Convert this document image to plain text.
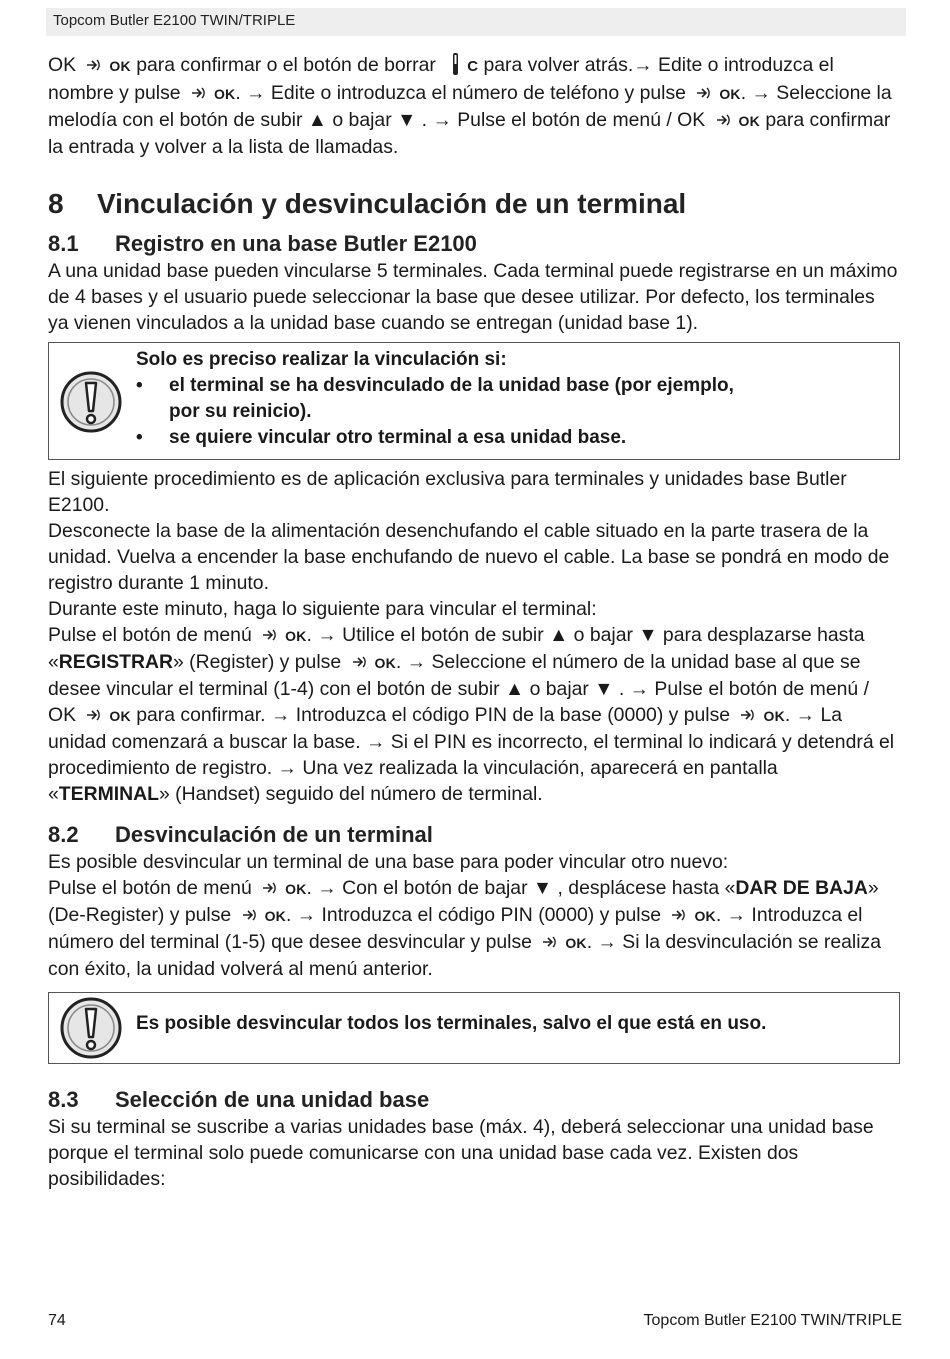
Topcom Butler E2100 TWIN/TRIPLE

OK OK para confirmar o el botón de borrar C para volver atrás.→ Edite o introduzca el nombre y pulse OK. → Edite o introduzca el número de teléfono y pulse OK. → Seleccione la melodía con el botón de subir ▲ o bajar ▼ . → Pulse el botón de menú / OK OK para confirmar la entrada y volver a la lista de llamadas.

8 Vinculación y desvinculación de un terminal
8.1 Registro en una base Butler E2100

A una unidad base pueden vincularse 5 terminales. Cada terminal puede registrarse en un máximo de 4 bases y el usuario puede seleccionar la base que desee utilizar. Por defecto, los terminales ya vienen vinculados a la unidad base cuando se entregan (unidad base 1).

Solo es preciso realizar la vinculación si:
•	el terminal se ha desvinculado de la unidad base (por ejemplo,
por su reinicio).
•	se quiere vincular otro terminal a esa unidad base.

El siguiente procedimiento es de aplicación exclusiva para terminales y unidades base Butler E2100.

Desconecte la base de la alimentación desenchufando el cable situado en la parte trasera de la unidad. Vuelva a encender la base enchufando de nuevo el cable. La base se pondrá en modo de registro durante 1 minuto.

Durante este minuto, haga lo siguiente para vincular el terminal:

Pulse el botón de menú OK. → Utilice el botón de subir ▲ o bajar ▼ para desplazarse hasta «REGISTRAR» (Register) y pulse OK. → Seleccione el número de la unidad base al que se desee vincular el terminal (1-4) con el botón de subir ▲ o bajar ▼ . → Pulse el botón de menú / OK OK para confirmar. → Introduzca el código PIN de la base (0000) y pulse OK. → La unidad comenzará a buscar la base. → Si el PIN es incorrecto, el terminal lo indicará y detendrá el procedimiento de registro. → Una vez realizada la vinculación, aparecerá en pantalla «TERMINAL» (Handset) seguido del número de terminal.

8.2 Desvinculación de un terminal

Es posible desvincular un terminal de una base para poder vincular otro nuevo:

Pulse el botón de menú OK. → Con el botón de bajar ▼ , desplácese hasta «DAR DE BAJA» (De-Register) y pulse OK. → Introduzca el código PIN (0000) y pulse OK. → Introduzca el número del terminal (1-5) que desee desvincular y pulse OK. → Si la desvinculación se realiza con éxito, la unidad volverá al menú anterior.

Es posible desvincular todos los terminales, salvo el que está en uso.
8.3 Selección de una unidad base

Si su terminal se suscribe a varias unidades base (máx. 4), deberá seleccionar una unidad base porque el terminal solo puede comunicarse con una unidad base cada vez. Existen dos posibilidades:

74	Topcom Butler E2100 TWIN/TRIPLE
